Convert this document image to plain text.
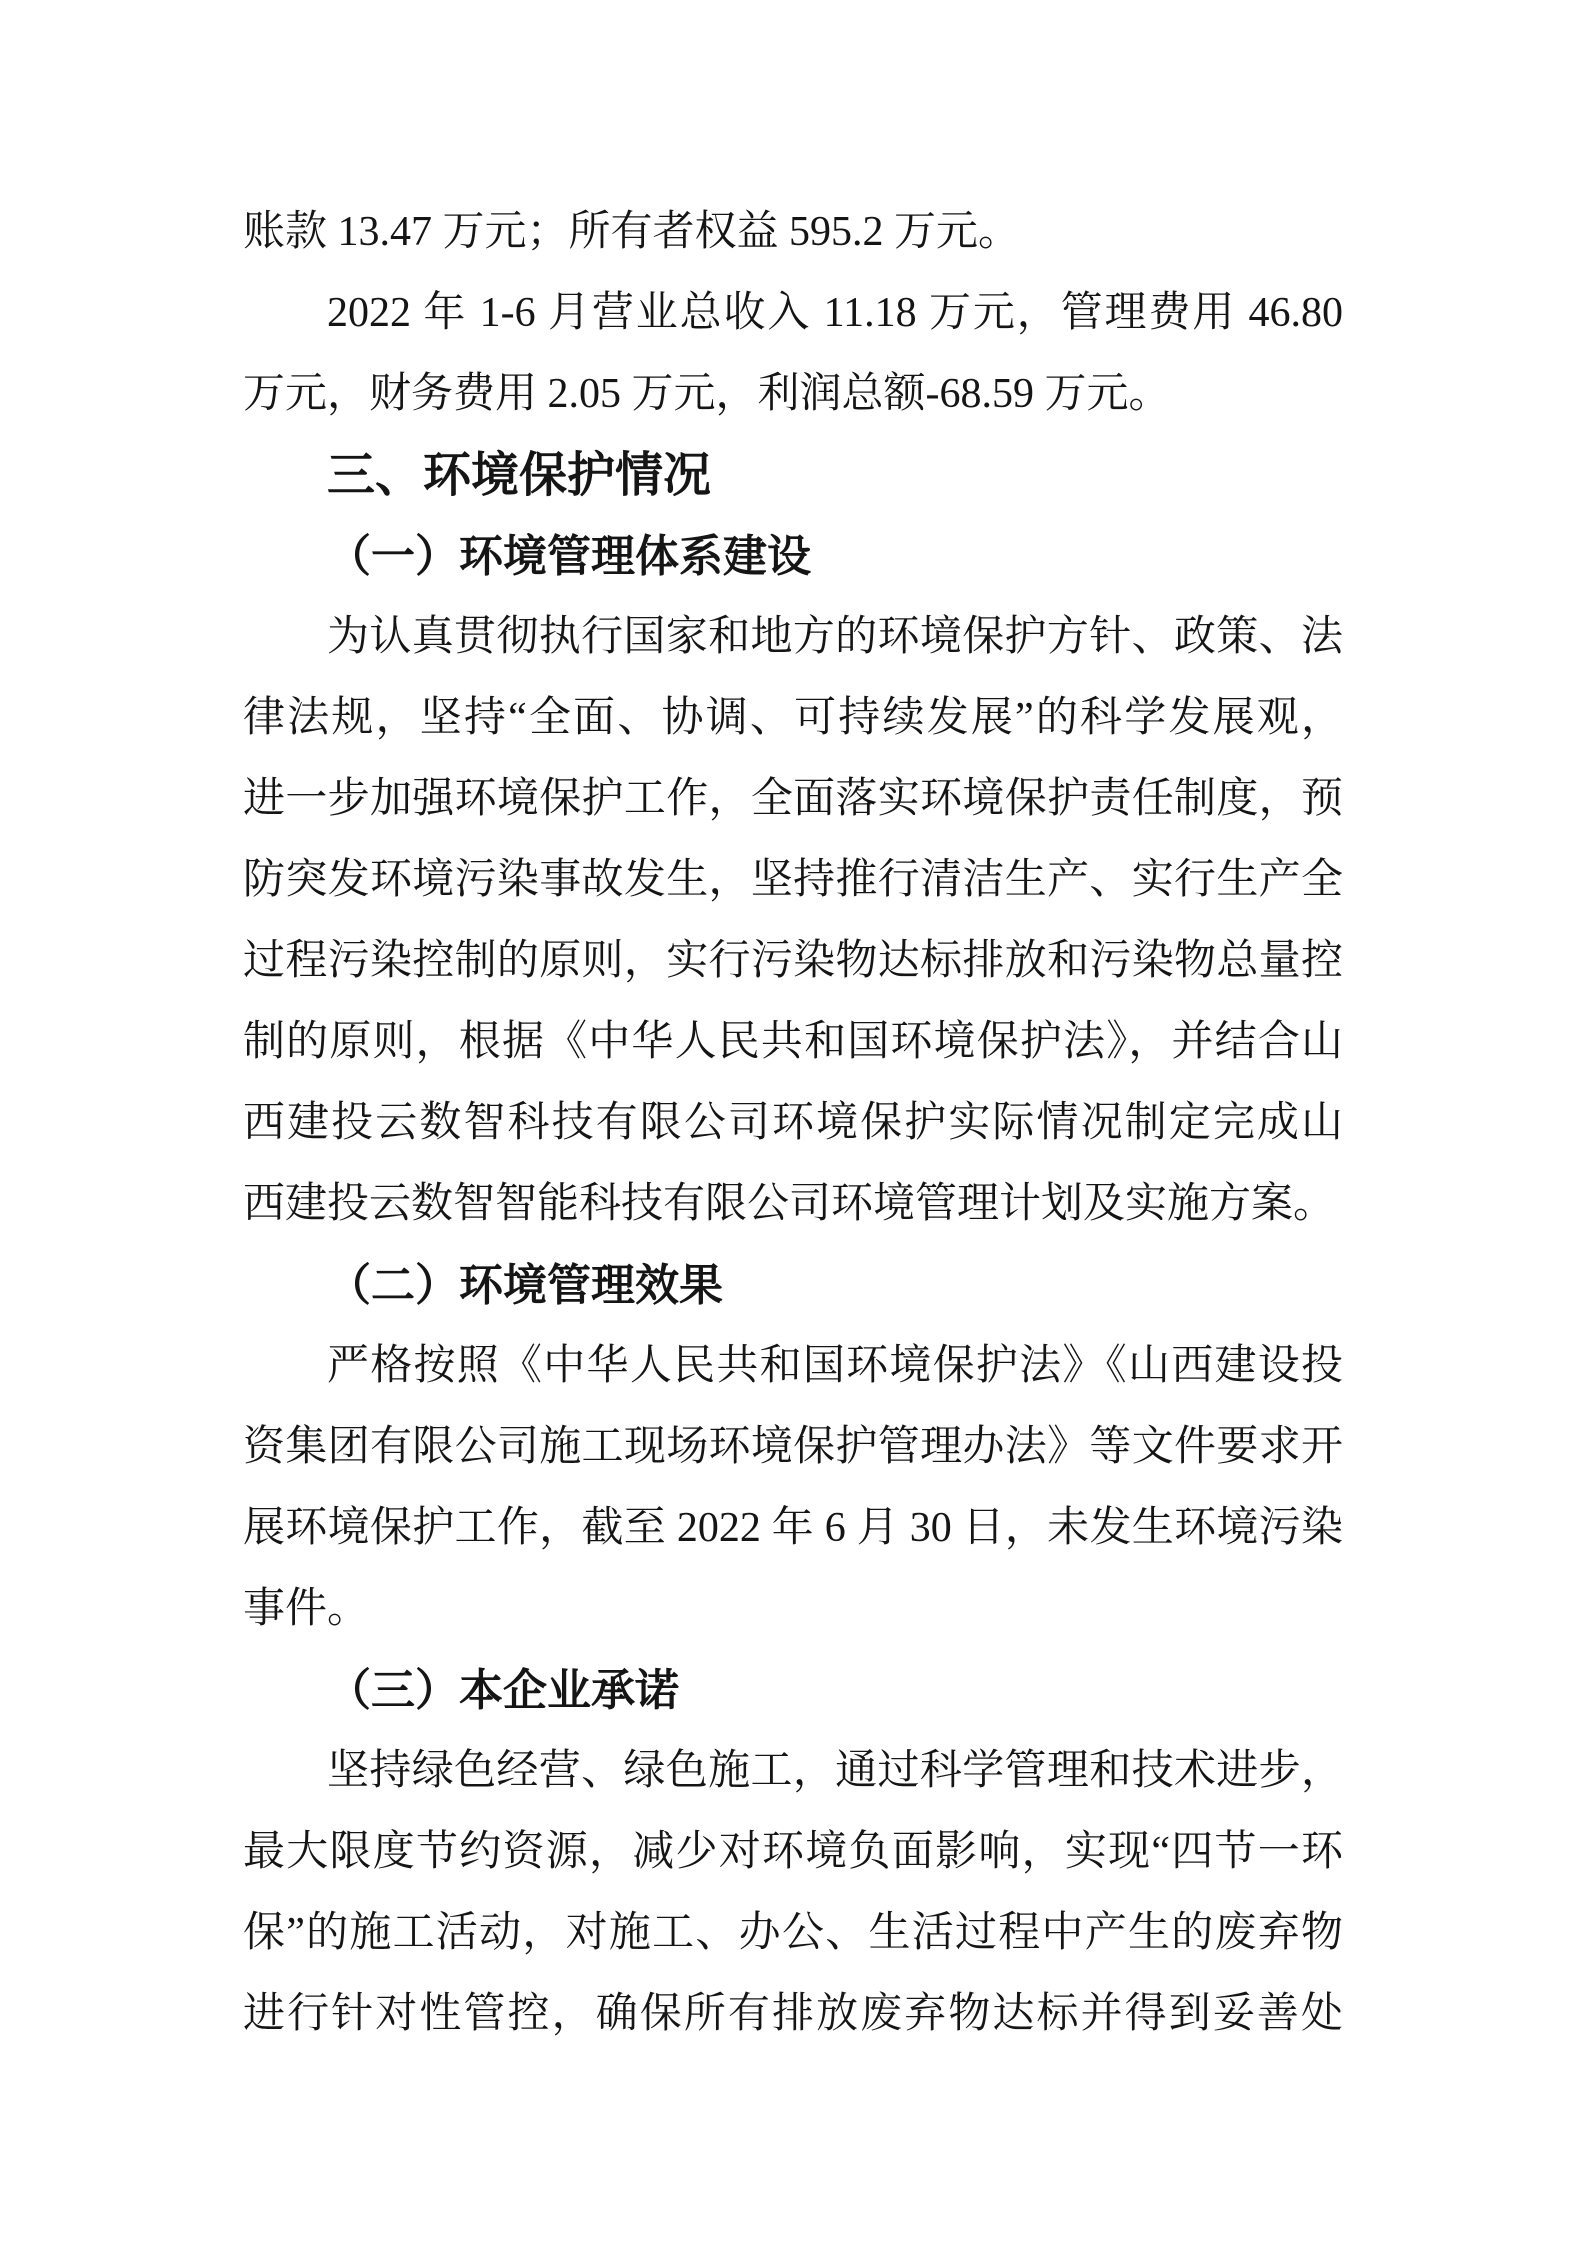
账款 13.47 万元；所有者权益 595.2 万元。
2022 年 1-6 月营业总收入 11.18 万元，管理费用 46.80
万元，财务费用 2.05 万元，利润总额-68.59 万元。
三、环境保护情况
（一）环境管理体系建设
为认真贯彻执行国家和地方的环境保护方针、政策、法
律法规，坚持“全面、协调、可持续发展”的科学发展观，
进一步加强环境保护工作，全面落实环境保护责任制度，预
防突发环境污染事故发生，坚持推行清洁生产、实行生产全
过程污染控制的原则，实行污染物达标排放和污染物总量控
制的原则，根据《中华人民共和国环境保护法》，并结合山
西建投云数智科技有限公司环境保护实际情况制定完成山
西建投云数智智能科技有限公司环境管理计划及实施方案。
（二）环境管理效果
严格按照《中华人民共和国环境保护法》《山西建设投
资集团有限公司施工现场环境保护管理办法》等文件要求开
展环境保护工作，截至 2022 年 6 月 30 日，未发生环境污染
事件。
（三）本企业承诺
坚持绿色经营、绿色施工，通过科学管理和技术进步，
最大限度节约资源，减少对环境负面影响，实现“四节一环
保”的施工活动，对施工、办公、生活过程中产生的废弃物
进行针对性管控，确保所有排放废弃物达标并得到妥善处
